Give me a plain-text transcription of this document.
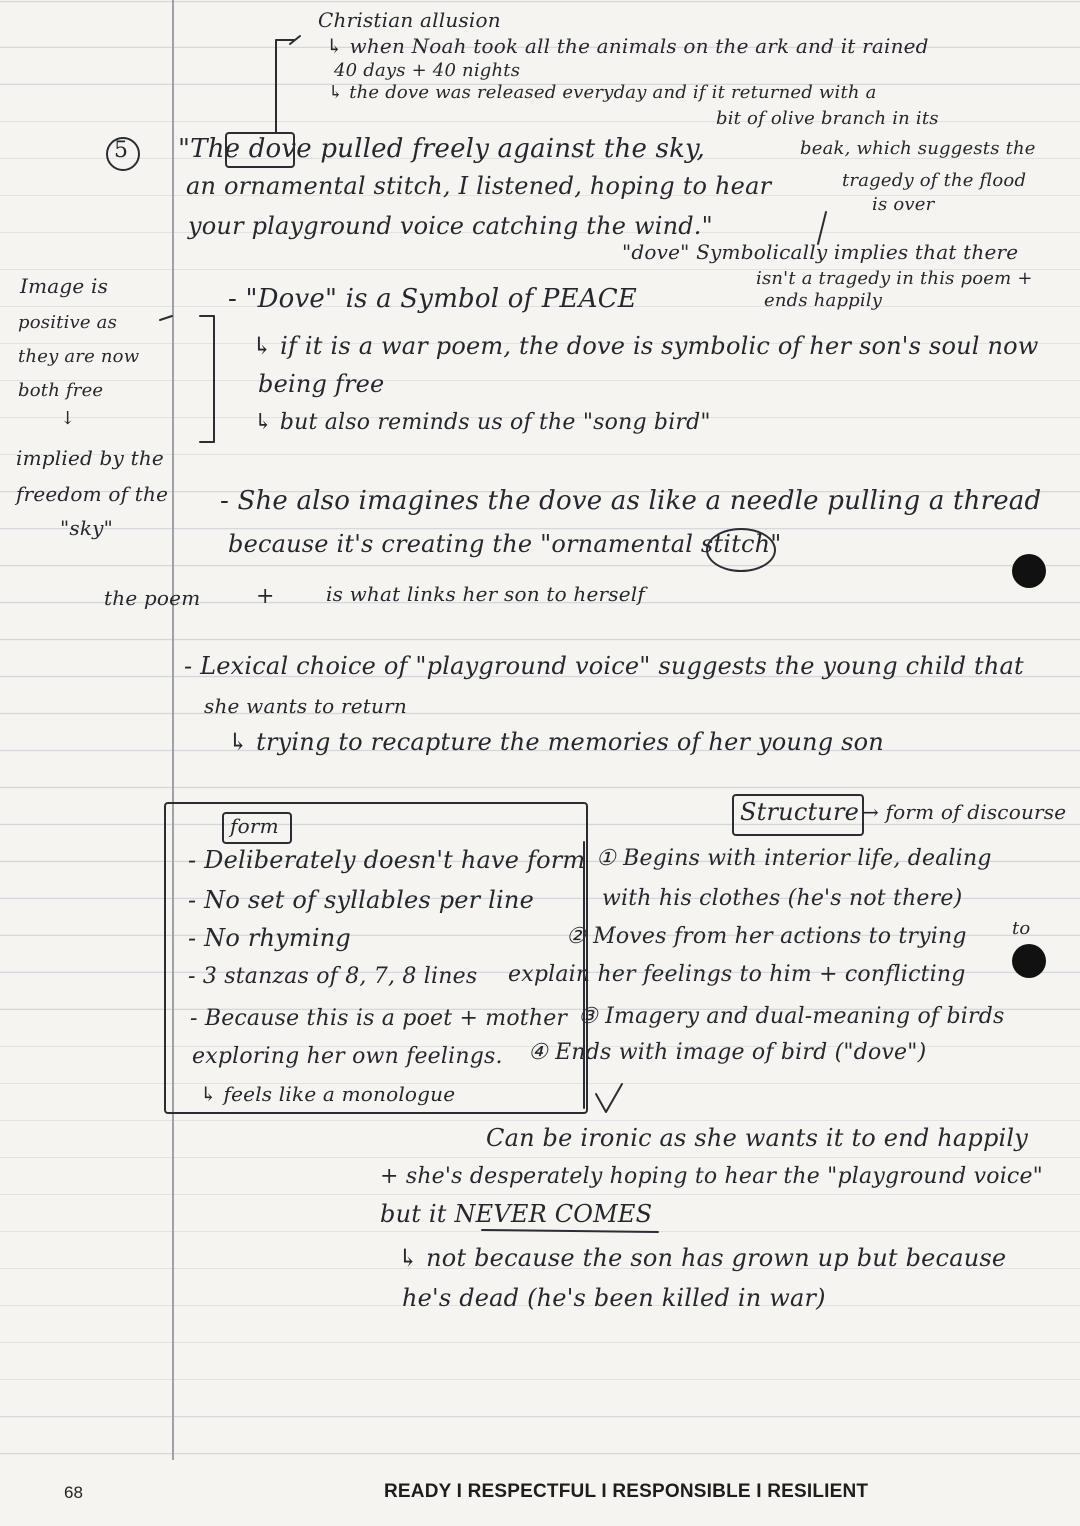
5
Christian allusion
↳ when Noah took all the animals on the ark and it rained
40 days + 40 nights
↳ the dove was released everyday and if it returned with a
bit of olive branch in its
beak, which suggests the
tragedy of the flood
is over
"The dove pulled freely against the sky,
an ornamental stitch, I listened, hoping to hear
your playground voice catching the wind."
"dove" Symbolically implies that there
isn't a tragedy in this poem +
ends happily
Image is
positive as
they are now
both free
↓
implied by the
freedom of the
"sky"
the poem
- "Dove" is a Symbol of PEACE
↳ if it is a war poem, the dove is symbolic of her son's soul now
being free
↳ but also reminds us of the "song bird"
- She also imagines the dove as like a needle pulling a thread
because it's creating the "ornamental stitch"
+	is what links her son to herself
- Lexical choice of "playground voice" suggests the young child that
she wants to return
↳ trying to recapture the memories of her young son
form
- Deliberately doesn't have form
- No set of syllables per line
- No rhyming
- 3 stanzas of 8, 7, 8 lines
- Because this is a poet + mother
exploring her own feelings.
↳ feels like a monologue
Structure → form of discourse
① Begins with interior life, dealing
with his clothes (he's not there)
② Moves from her actions to trying	to
explain her feelings to him + conflicting
③ Imagery and dual-meaning of birds
④ Ends with image of bird ("dove")
Can be ironic as she wants it to end happily
+ she's desperately hoping to hear the "playground voice"
but it NEVER COMES
↳ not because the son has grown up but because
he's dead (he's been killed in war)
68	READY I RESPECTFUL I RESPONSIBLE I RESILIENT
